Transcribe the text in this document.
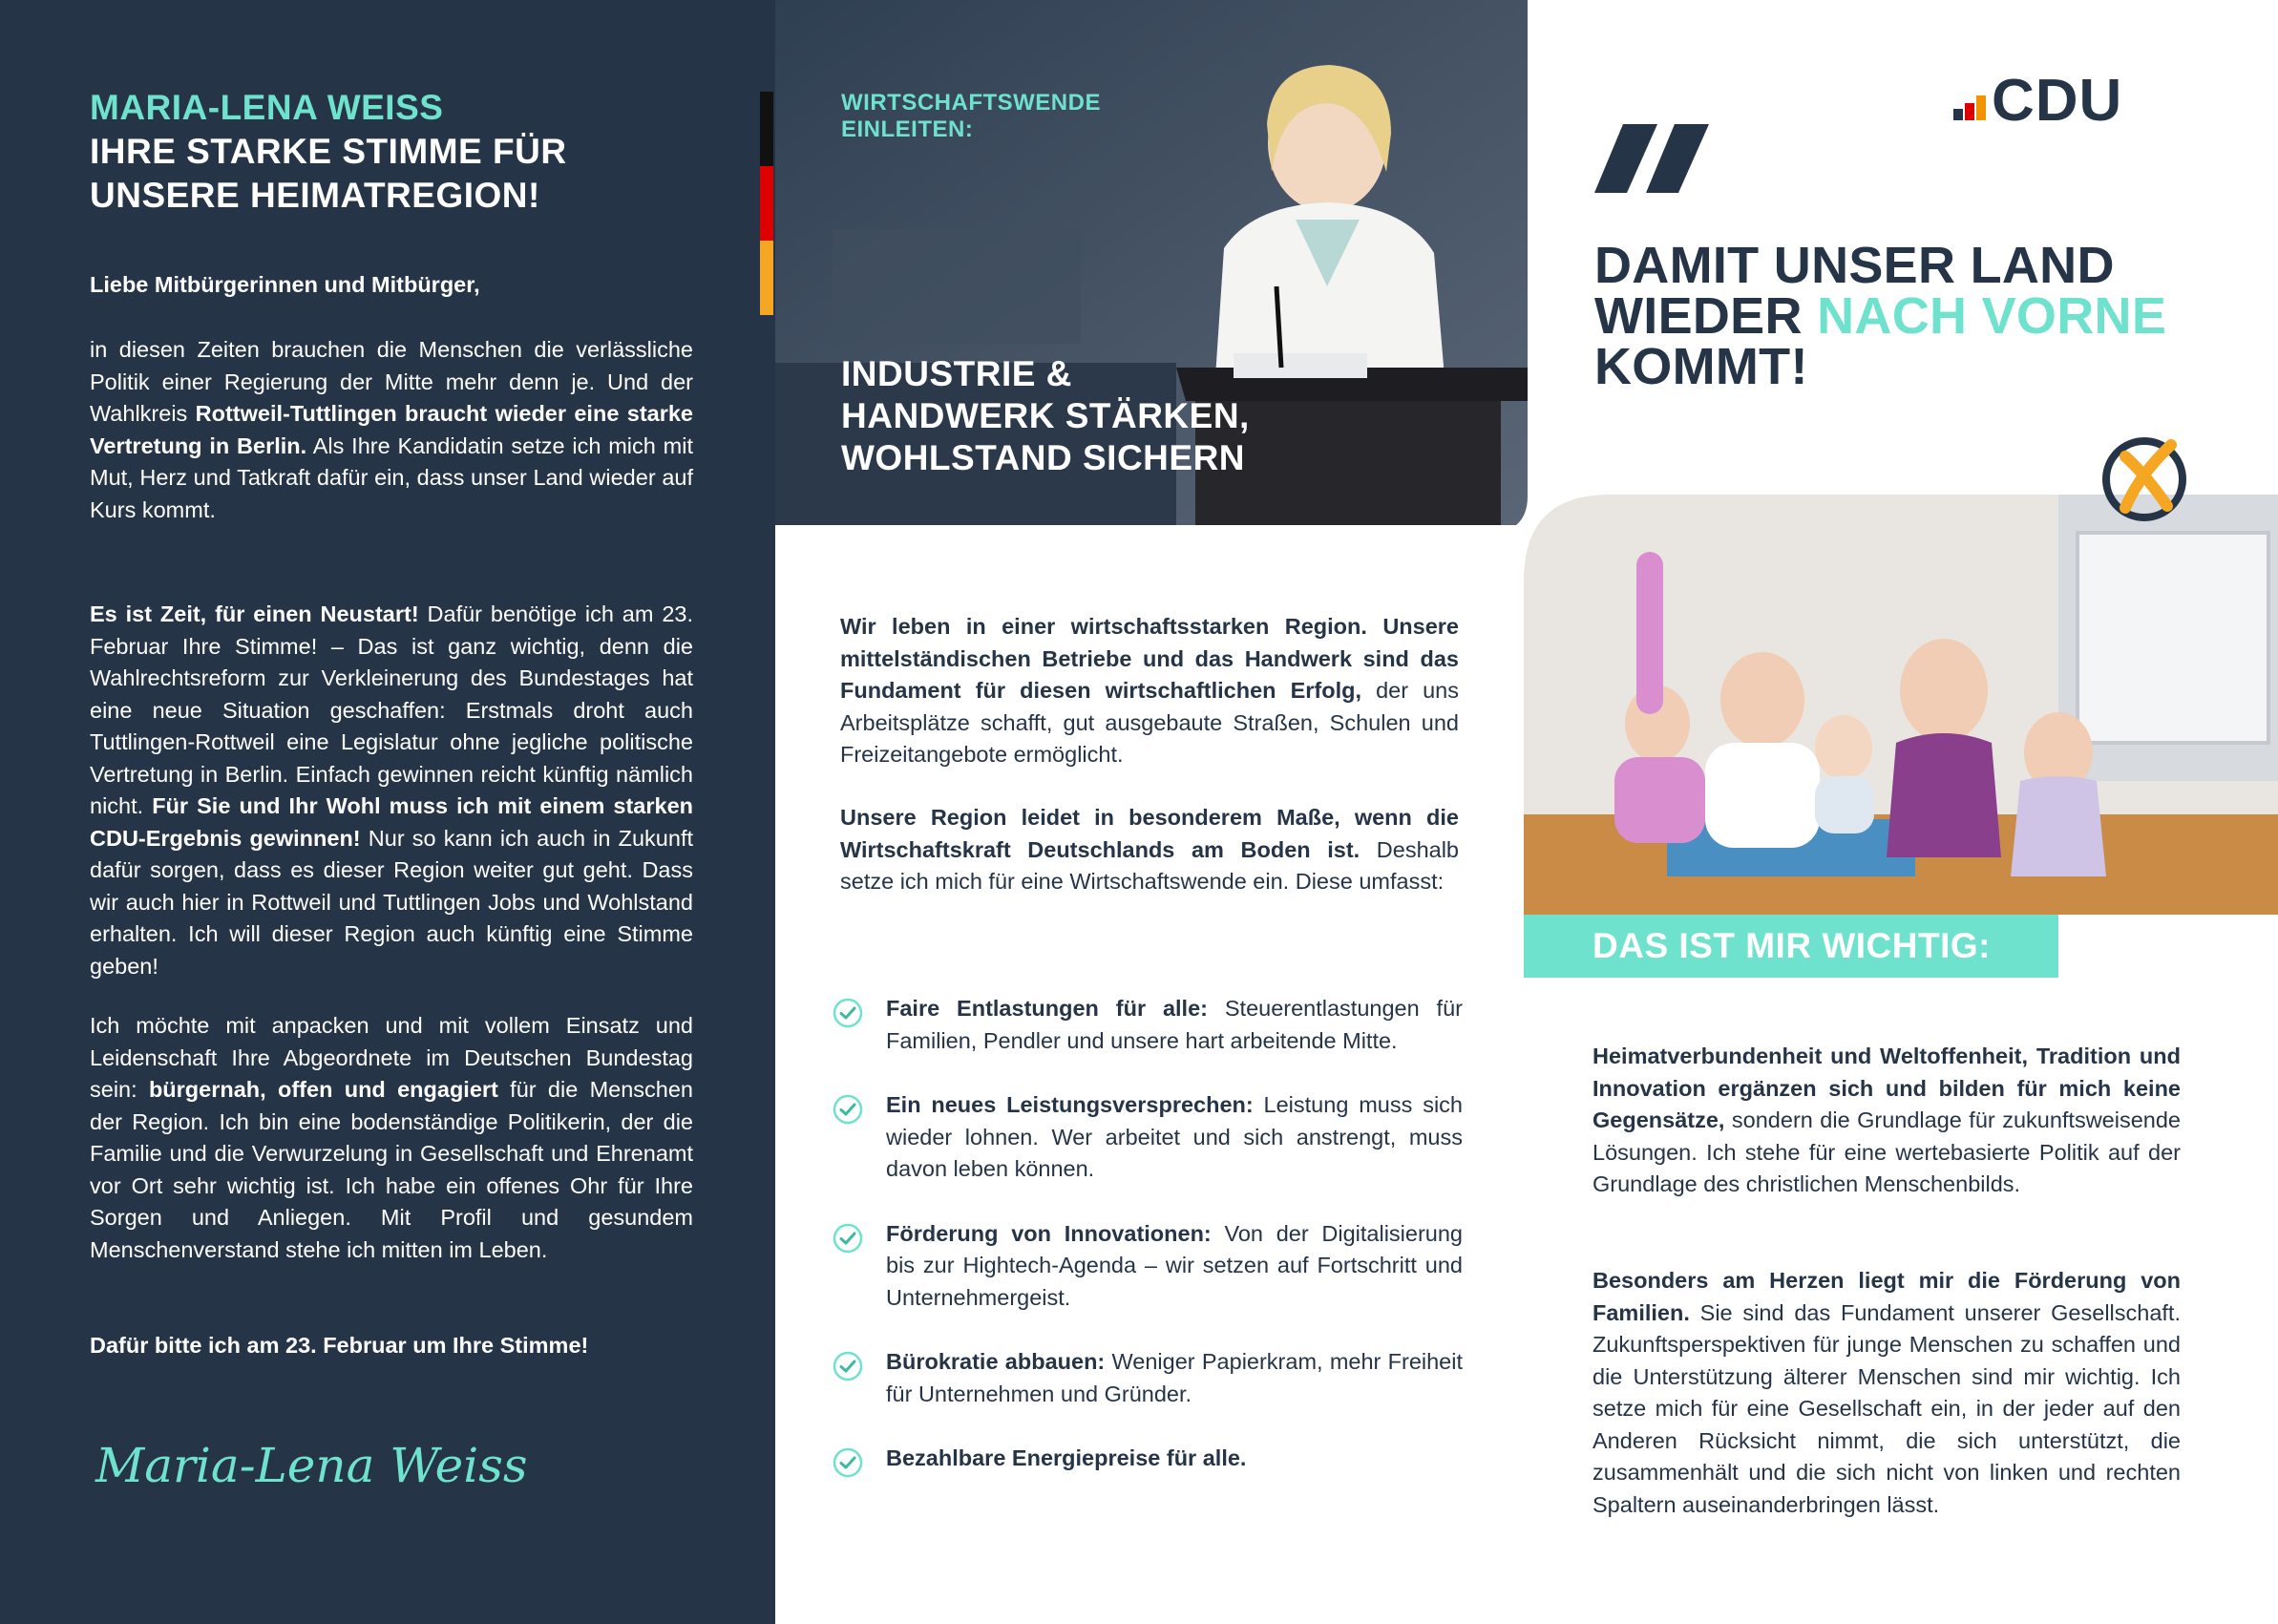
MARIA-LENA WEISS
IHRE STARKE STIMME FÜR
UNSERE HEIMATREGION!
Liebe Mitbürgerinnen und Mitbürger,
in diesen Zeiten brauchen die Menschen die verlässliche Politik einer Regierung der Mitte mehr denn je. Und der Wahlkreis Rottweil-Tuttlingen braucht wieder eine starke Vertretung in Berlin. Als Ihre Kandidatin setze ich mich mit Mut, Herz und Tatkraft dafür ein, dass unser Land wieder auf Kurs kommt.
Es ist Zeit, für einen Neustart! Dafür benötige ich am 23. Februar Ihre Stimme! – Das ist ganz wichtig, denn die Wahlrechtsreform zur Verkleinerung des Bundestages hat eine neue Situation geschaffen: Erstmals droht auch Tuttlingen-Rottweil eine Legislatur ohne jegliche politische Vertretung in Berlin. Einfach gewinnen reicht künftig nämlich nicht. Für Sie und Ihr Wohl muss ich mit einem starken CDU-Ergebnis gewinnen! Nur so kann ich auch in Zukunft dafür sorgen, dass es dieser Region weiter gut geht. Dass wir auch hier in Rottweil und Tuttlingen Jobs und Wohlstand erhalten. Ich will dieser Region auch künftig eine Stimme geben!
Ich möchte mit anpacken und mit vollem Einsatz und Leidenschaft Ihre Abgeordnete im Deutschen Bundestag sein: bürgernah, offen und engagiert für die Menschen der Region. Ich bin eine bodenständige Politikerin, der die Familie und die Verwurzelung in Gesellschaft und Ehrenamt vor Ort sehr wichtig ist. Ich habe ein offenes Ohr für Ihre Sorgen und Anliegen. Mit Profil und gesundem Menschenverstand stehe ich mitten im Leben.
Dafür bitte ich am 23. Februar um Ihre Stimme!
Maria-Lena Weiss
WIRTSCHAFTSWENDE
EINLEITEN:
INDUSTRIE &
HANDWERK STÄRKEN,
WOHLSTAND SICHERN
Wir leben in einer wirtschaftsstarken Region. Unsere mittelständischen Betriebe und das Handwerk sind das Fundament für diesen wirtschaftlichen Erfolg, der uns Arbeitsplätze schafft, gut ausgebaute Straßen, Schulen und Freizeitangebote ermöglicht.
Unsere Region leidet in besonderem Maße, wenn die Wirtschaftskraft Deutschlands am Boden ist. Deshalb setze ich mich für eine Wirtschaftswende ein. Diese umfasst:
Faire Entlastungen für alle: Steuerentlastungen für Familien, Pendler und unsere hart arbeitende Mitte.
Ein neues Leistungsversprechen: Leistung muss sich wieder lohnen. Wer arbeitet und sich anstrengt, muss davon leben können.
Förderung von Innovationen: Von der Digitalisierung bis zur Hightech-Agenda – wir setzen auf Fortschritt und Unternehmergeist.
Bürokratie abbauen: Weniger Papierkram, mehr Freiheit für Unternehmen und Gründer.
Bezahlbare Energiepreise für alle.
CDU
DAMIT UNSER LAND
WIEDER NACH VORNE
KOMMT!
DAS IST MIR WICHTIG:
Heimatverbundenheit und Weltoffenheit, Tradition und Innovation ergänzen sich und bilden für mich keine Gegensätze, sondern die Grundlage für zukunftsweisende Lösungen. Ich stehe für eine wertebasierte Politik auf der Grundlage des christlichen Menschenbilds.
Besonders am Herzen liegt mir die Förderung von Familien. Sie sind das Fundament unserer Gesellschaft. Zukunftsperspektiven für junge Menschen zu schaffen und die Unterstützung älterer Menschen sind mir wichtig. Ich setze mich für eine Gesellschaft ein, in der jeder auf den Anderen Rücksicht nimmt, die sich unterstützt, die zusammenhält und die sich nicht von linken und rechten Spaltern auseinanderbringen lässt.
